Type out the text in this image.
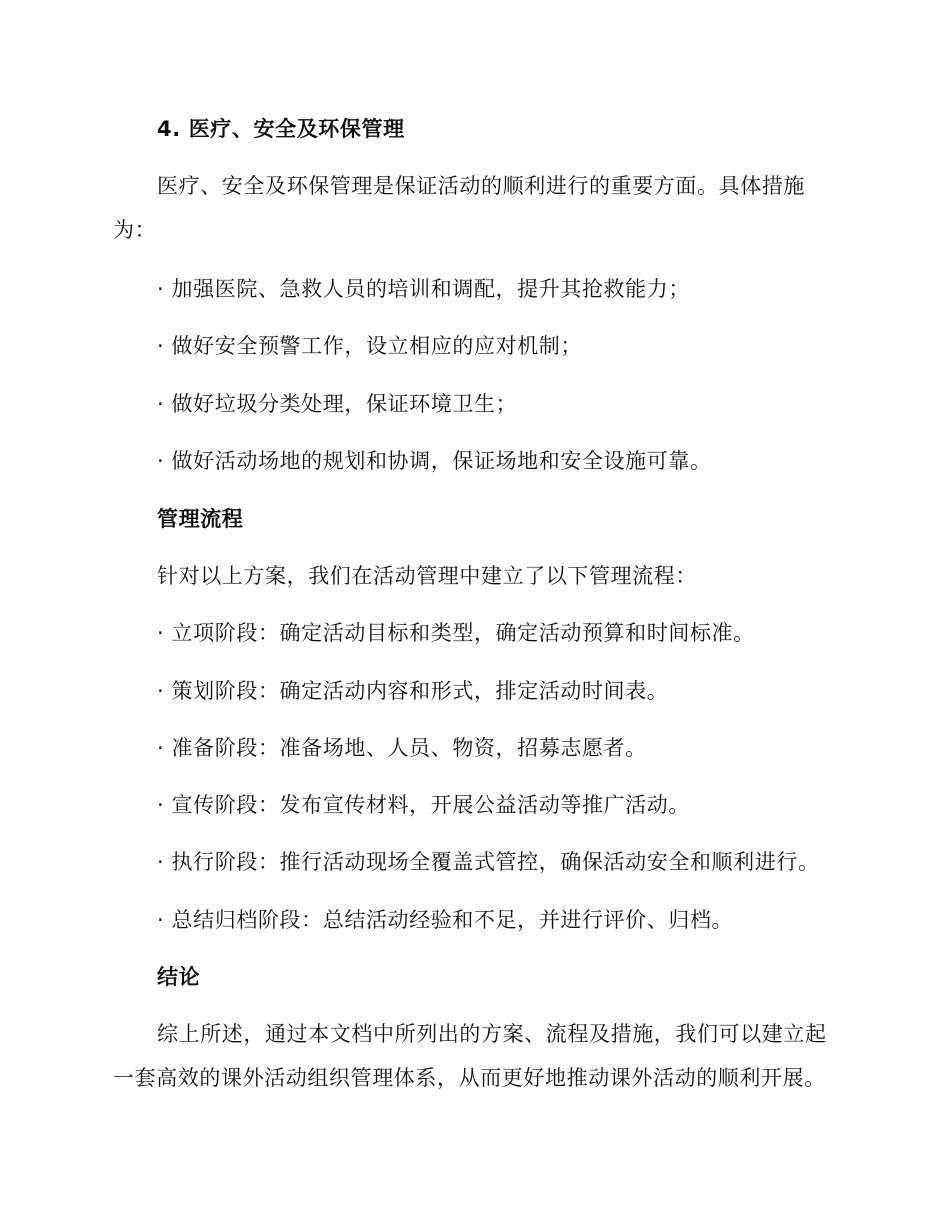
4. 医疗、安全及环保管理
医疗、安全及环保管理是保证活动的顺利进行的重要方面。具体措施
为：
· 加强医院、急救人员的培训和调配，提升其抢救能力；
· 做好安全预警工作，设立相应的应对机制；
· 做好垃圾分类处理，保证环境卫生；
· 做好活动场地的规划和协调，保证场地和安全设施可靠。
管理流程
针对以上方案，我们在活动管理中建立了以下管理流程：
· 立项阶段：确定活动目标和类型，确定活动预算和时间标准。
· 策划阶段：确定活动内容和形式，排定活动时间表。
· 准备阶段：准备场地、人员、物资，招募志愿者。
· 宣传阶段：发布宣传材料，开展公益活动等推广活动。
· 执行阶段：推行活动现场全覆盖式管控，确保活动安全和顺利进行。
· 总结归档阶段：总结活动经验和不足，并进行评价、归档。
结论
综上所述，通过本文档中所列出的方案、流程及措施，我们可以建立起
一套高效的课外活动组织管理体系，从而更好地推动课外活动的顺利开展。
